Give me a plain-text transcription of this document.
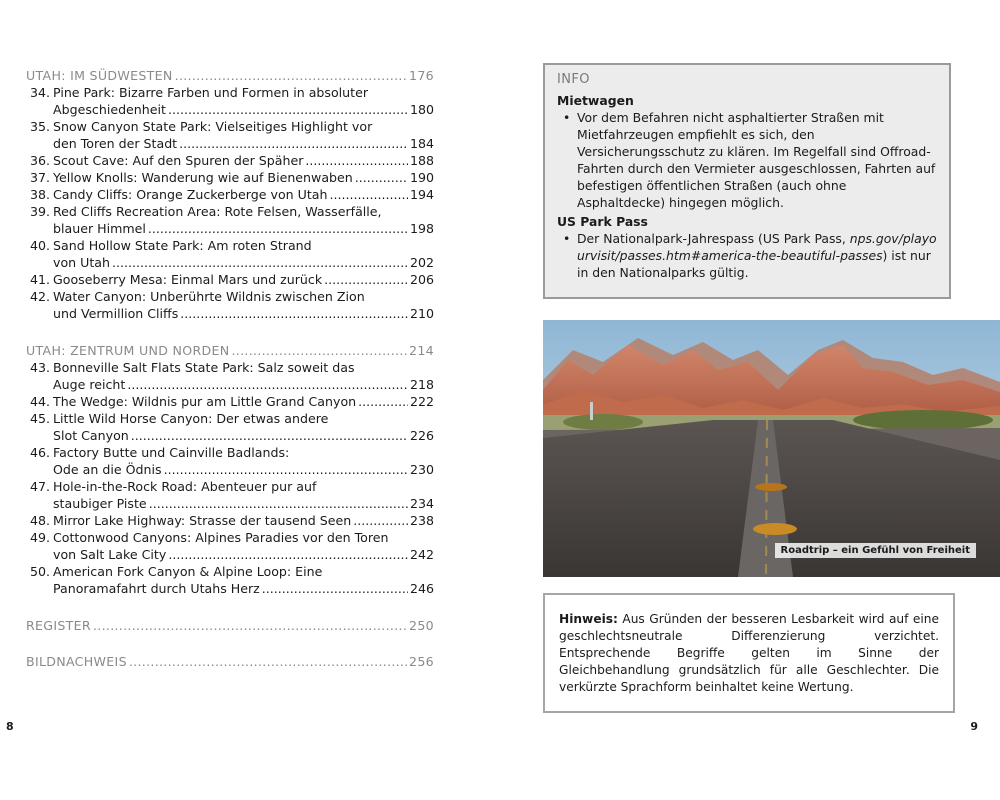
UTAH: IM SÜDWESTEN .....	176
34. Pine Park: Bizarre Farben und Formen in absoluter
Abgeschiedenheit .....	180
35. Snow Canyon State Park: Vielseitiges Highlight vor
den Toren der Stadt .....	184
36. Scout Cave: Auf den Spuren der Späher .....	188
37. Yellow Knolls: Wanderung wie auf Bienenwaben .....	190
38. Candy Cliffs: Orange Zuckerberge von Utah .....	194
39. Red Cliffs Recreation Area: Rote Felsen, Wasserfälle,
blauer Himmel .....	198
40. Sand Hollow State Park: Am roten Strand
von Utah .....	202
41. Gooseberry Mesa: Einmal Mars und zurück .....	206
42. Water Canyon: Unberührte Wildnis zwischen Zion
und Vermillion Cliffs .....	210
UTAH: ZENTRUM UND NORDEN .....	214
43. Bonneville Salt Flats State Park: Salz soweit das
Auge reicht .....	218
44. The Wedge: Wildnis pur am Little Grand Canyon .....	222
45. Little Wild Horse Canyon: Der etwas andere
Slot Canyon .....	226
46. Factory Butte und Cainville Badlands:
Ode an die Ödnis .....	230
47. Hole-in-the-Rock Road: Abenteuer pur auf
staubiger Piste .....	234
48. Mirror Lake Highway: Strasse der tausend Seen .....	238
49. Cottonwood Canyons: Alpines Paradies vor den Toren
von Salt Lake City .....	242
50. American Fork Canyon & Alpine Loop: Eine
Panoramafahrt durch Utahs Herz .....	246
REGISTER .....	250
BILDNACHWEIS .....	256
8
INFO
Mietwagen
• Vor dem Befahren nicht asphaltierter Straßen mit Mietfahrzeugen empfiehlt es sich, den Versicherungsschutz zu klären. Im Regelfall sind Offroad-Fahrten durch den Vermieter ausgeschlossen, Fahrten auf befestigen öffentlichen Straßen (auch ohne Asphaltdecke) hingegen möglich.
US Park Pass
• Der Nationalpark-Jahrespass (US Park Pass, nps.gov/playourvisit/passes.htm#america-the-beautiful-passes) ist nur in den Nationalparks gültig.
Roadtrip – ein Gefühl von Freiheit
Hinweis: Aus Gründen der besseren Lesbarkeit wird auf eine geschlechtsneutrale Differenzierung verzichtet. Entsprechende Begriffe gelten im Sinne der Gleichbehandlung grundsätzlich für alle Geschlechter. Die verkürzte Sprachform beinhaltet keine Wertung.
9
